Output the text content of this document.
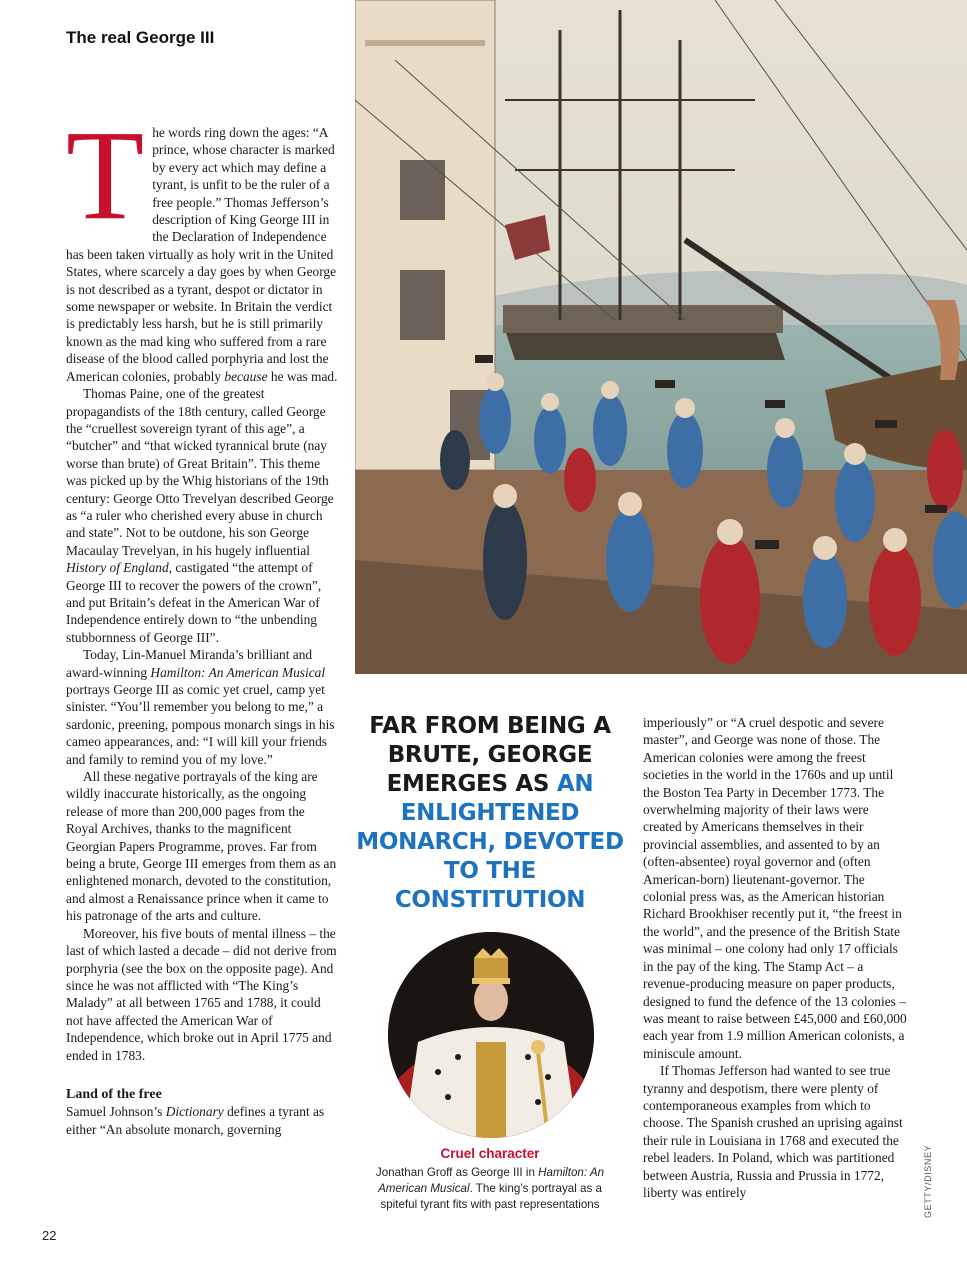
The real George III
T he words ring down the ages: “A prince, whose character is marked by every act which may define a tyrant, is unfit to be the ruler of a free people.” Thomas Jefferson’s description of King George III in the Declaration of Independence has been taken virtually as holy writ in the United States, where scarcely a day goes by when George is not described as a tyrant, despot or dictator in some newspaper or website. In Britain the verdict is predictably less harsh, but he is still primarily known as the mad king who suffered from a rare disease of the blood called porphyria and lost the American colonies, probably because he was mad.

Thomas Paine, one of the greatest propagandists of the 18th century, called George the “cruellest sovereign tyrant of this age”, a “butcher” and “that wicked tyrannical brute (nay worse than brute) of Great Britain”. This theme was picked up by the Whig historians of the 19th century: George Otto Trevelyan described George as “a ruler who cherished every abuse in church and state”. Not to be outdone, his son George Macaulay Trevelyan, in his hugely influential History of England, castigated “the attempt of George III to recover the powers of the crown”, and put Britain’s defeat in the American War of Independence entirely down to “the unbending stubbornness of George III”.

Today, Lin-Manuel Miranda’s brilliant and award-winning Hamilton: An American Musical portrays George III as comic yet cruel, camp yet sinister. “You’ll remember you belong to me,” a sardonic, preening, pompous monarch sings in his cameo appearances, and: “I will kill your friends and family to remind you of my love.”

All these negative portrayals of the king are wildly inaccurate historically, as the ongoing release of more than 200,000 pages from the Royal Archives, thanks to the magnificent Georgian Papers Programme, proves. Far from being a brute, George III emerges from them as an enlightened monarch, devoted to the constitution, and almost a Renaissance prince when it came to his patronage of the arts and culture.

Moreover, his five bouts of mental illness – the last of which lasted a decade – did not derive from porphyria (see the box on the opposite page). And since he was not afflicted with “The King’s Malady” at all between 1765 and 1788, it could not have affected the American War of Independence, which broke out in April 1775 and ended in 1783.

Land of the free

Samuel Johnson’s Dictionary defines a tyrant as either “An absolute monarch, governing

FAR FROM BEING A BRUTE, GEORGE EMERGES AS AN ENLIGHTENED MONARCH, DEVOTED TO THE CONSTITUTION
Cruel character
Jonathan Groff as George III in Hamilton: An American Musical. The king’s portrayal as a spiteful tyrant fits with past representations

imperiously” or “A cruel despotic and severe master”, and George was none of those. The American colonies were among the freest societies in the world in the 1760s and up until the Boston Tea Party in December 1773. The overwhelming majority of their laws were created by Americans themselves in their provincial assemblies, and assented to by an (often-absentee) royal governor and (often American-born) lieutenant-governor. The colonial press was, as the American historian Richard Brookhiser recently put it, “the freest in the world”, and the presence of the British State was minimal – one colony had only 17 officials in the pay of the king. The Stamp Act – a revenue-producing measure on paper products, designed to fund the defence of the 13 colonies – was meant to raise between £45,000 and £60,000 each year from 1.9 million American colonists, a miniscule amount.

If Thomas Jefferson had wanted to see true tyranny and despotism, there were plenty of contemporaneous examples from which to choose. The Spanish crushed an uprising against their rule in Louisiana in 1768 and executed the rebel leaders. In Poland, which was partitioned between Austria, Russia and Prussia in 1772, liberty was entirely	GETTY/DISNEY
22
